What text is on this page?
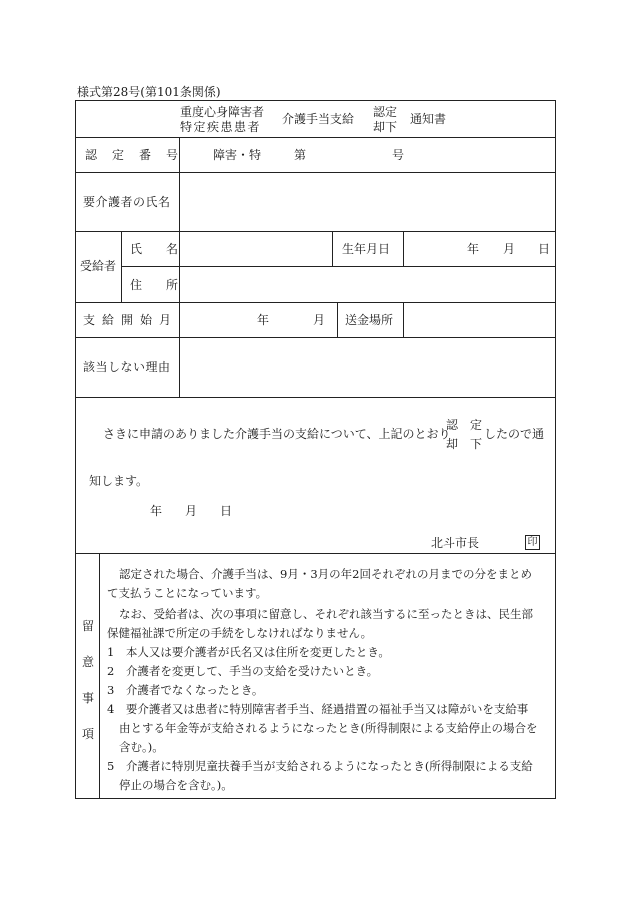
様式第28号(第101条関係)
重度心身障害者
特定疾患患者
介護手当支給 認定
却下
通知書
認定番号 障害・特	第	号
要介護者の氏名
受給者
氏名	生年月日	年 月 日
住所
支給開始月	年	月 送金場所
該当しない理由
さきに申請のありました介護手当の支給について、上記のとおり
認 定
却 下
したので通
知します。
年 月 日
北斗市長	印
留
意
事
項
認定された場合、介護手当は、9月・3月の年2回それぞれの月までの分をまとめ
て支払うことになっています。
なお、受給者は、次の事項に留意し、それぞれ該当するに至ったときは、民生部
保健福祉課で所定の手続をしなければなりません。
1　本人又は要介護者が氏名又は住所を変更したとき。
2　介護者を変更して、手当の支給を受けたいとき。
3　介護者でなくなったとき。
4　要介護者又は患者に特別障害者手当、経過措置の福祉手当又は障がいを支給事
由とする年金等が支給されるようになったとき(所得制限による支給停止の場合を
含む。)。
5　介護者に特別児童扶養手当が支給されるようになったとき(所得制限による支給
停止の場合を含む。)。
